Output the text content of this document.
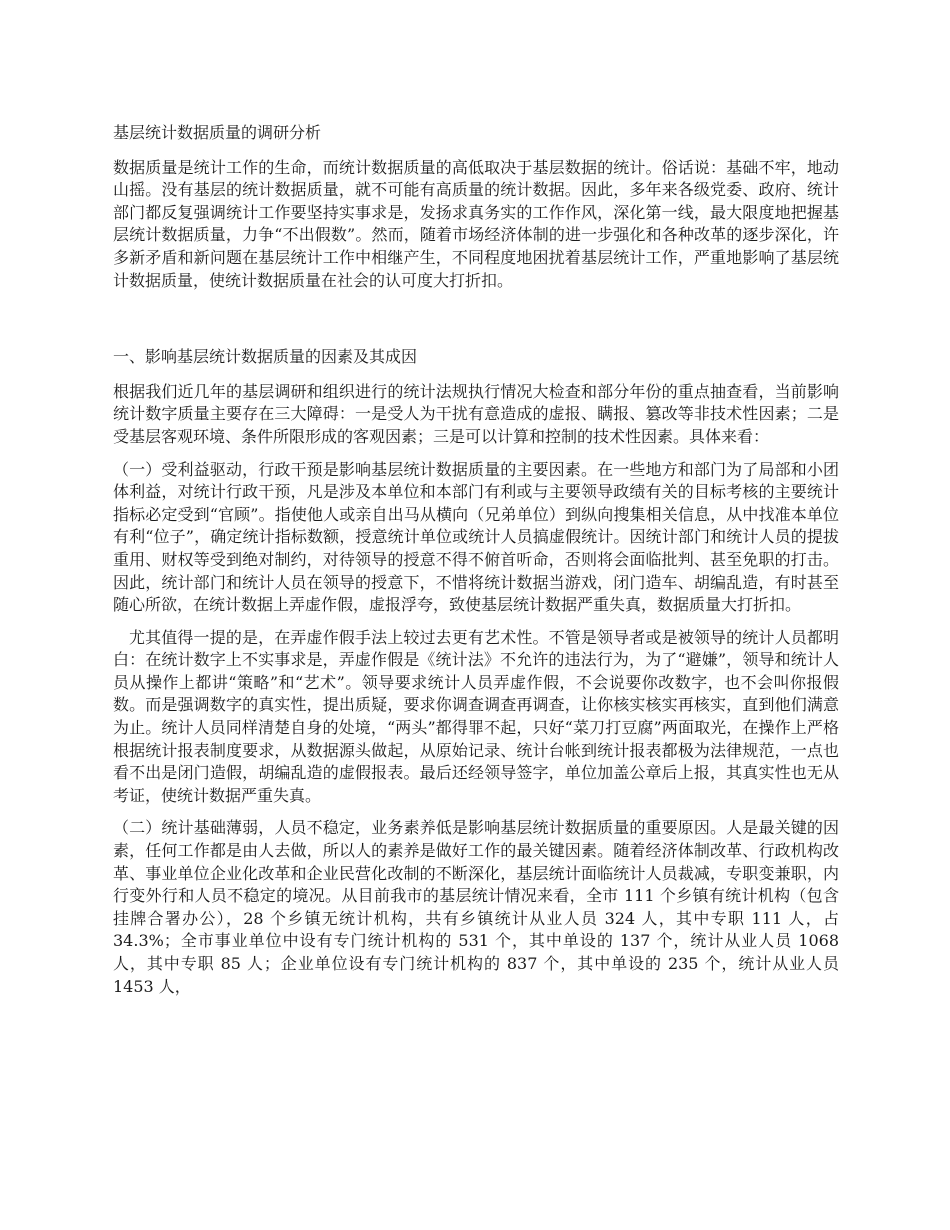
基层统计数据质量的调研分析

数据质量是统计工作的生命，而统计数据质量的高低取决于基层数据的统计。俗话说：基础不牢，地动山摇。没有基层的统计数据质量，就不可能有高质量的统计数据。因此，多年来各级党委、政府、统计部门都反复强调统计工作要坚持实事求是，发扬求真务实的工作作风，深化第一线，最大限度地把握基层统计数据质量，力争“不出假数”。然而，随着市场经济体制的进一步强化和各种改革的逐步深化，许多新矛盾和新问题在基层统计工作中相继产生，不同程度地困扰着基层统计工作，严重地影响了基层统计数据质量，使统计数据质量在社会的认可度大打折扣。

一、影响基层统计数据质量的因素及其成因

根据我们近几年的基层调研和组织进行的统计法规执行情况大检查和部分年份的重点抽查看，当前影响统计数字质量主要存在三大障碍：一是受人为干扰有意造成的虚报、瞒报、篡改等非技术性因素；二是受基层客观环境、条件所限形成的客观因素；三是可以计算和控制的技术性因素。具体来看：

（一）受利益驱动，行政干预是影响基层统计数据质量的主要因素。在一些地方和部门为了局部和小团体利益，对统计行政干预，凡是涉及本单位和本部门有利或与主要领导政绩有关的目标考核的主要统计指标必定受到“官顾”。指使他人或亲自出马从横向（兄弟单位）到纵向搜集相关信息，从中找准本单位有利“位子”，确定统计指标数额，授意统计单位或统计人员搞虚假统计。因统计部门和统计人员的提拔重用、财权等受到绝对制约，对待领导的授意不得不俯首听命，否则将会面临批判、甚至免职的打击。因此，统计部门和统计人员在领导的授意下，不惜将统计数据当游戏，闭门造车、胡编乱造，有时甚至随心所欲，在统计数据上弄虚作假，虚报浮夸，致使基层统计数据严重失真，数据质量大打折扣。

尤其值得一提的是，在弄虚作假手法上较过去更有艺术性。不管是领导者或是被领导的统计人员都明白：在统计数字上不实事求是，弄虚作假是《统计法》不允许的违法行为，为了“避嫌”，领导和统计人员从操作上都讲“策略”和“艺术”。领导要求统计人员弄虚作假，不会说要你改数字，也不会叫你报假数。而是强调数字的真实性，提出质疑，要求你调查调查再调查，让你核实核实再核实，直到他们满意为止。统计人员同样清楚自身的处境，“两头”都得罪不起，只好“菜刀打豆腐”两面取光，在操作上严格根据统计报表制度要求，从数据源头做起，从原始记录、统计台帐到统计报表都极为法律规范，一点也看不出是闭门造假，胡编乱造的虚假报表。最后还经领导签字，单位加盖公章后上报，其真实性也无从考证，使统计数据严重失真。

（二）统计基础薄弱，人员不稳定，业务素养低是影响基层统计数据质量的重要原因。人是最关键的因素，任何工作都是由人去做，所以人的素养是做好工作的最关键因素。随着经济体制改革、行政机构改革、事业单位企业化改革和企业民营化改制的不断深化，基层统计面临统计人员裁减，专职变兼职，内行变外行和人员不稳定的境况。从目前我市的基层统计情况来看，全市 111 个乡镇有统计机构（包含挂牌合署办公），28 个乡镇无统计机构，共有乡镇统计从业人员 324 人，其中专职 111 人，占 34.3%；全市事业单位中设有专门统计机构的 531 个，其中单设的 137 个，统计从业人员 1068 人，其中专职 85 人；企业单位设有专门统计机构的 837 个，其中单设的 235 个，统计从业人员 1453 人，
